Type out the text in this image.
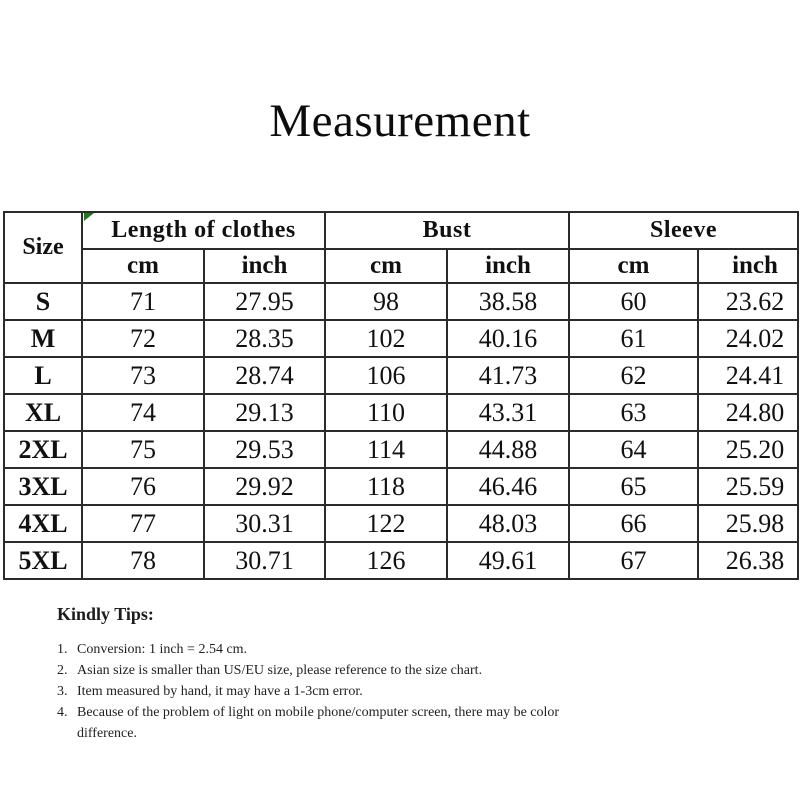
Measurement
Size	Length of clothes		Bust		Sleeve	
	cm	inch	cm	inch	cm	inch
S	71	27.95	98	38.58	60	23.62
M	72	28.35	102	40.16	61	24.02
L	73	28.74	106	41.73	62	24.41
XL	74	29.13	110	43.31	63	24.80
2XL	75	29.53	114	44.88	64	25.20
3XL	76	29.92	118	46.46	65	25.59
4XL	77	30.31	122	48.03	66	25.98
5XL	78	30.71	126	49.61	67	26.38
Kindly Tips:
1. Conversion: 1 inch = 2.54 cm.
2. Asian size is smaller than US/EU size, please reference to the size chart.
3. Item measured by hand, it may have a 1-3cm error.
4. Because of the problem of light on mobile phone/computer screen, there may be color difference.
